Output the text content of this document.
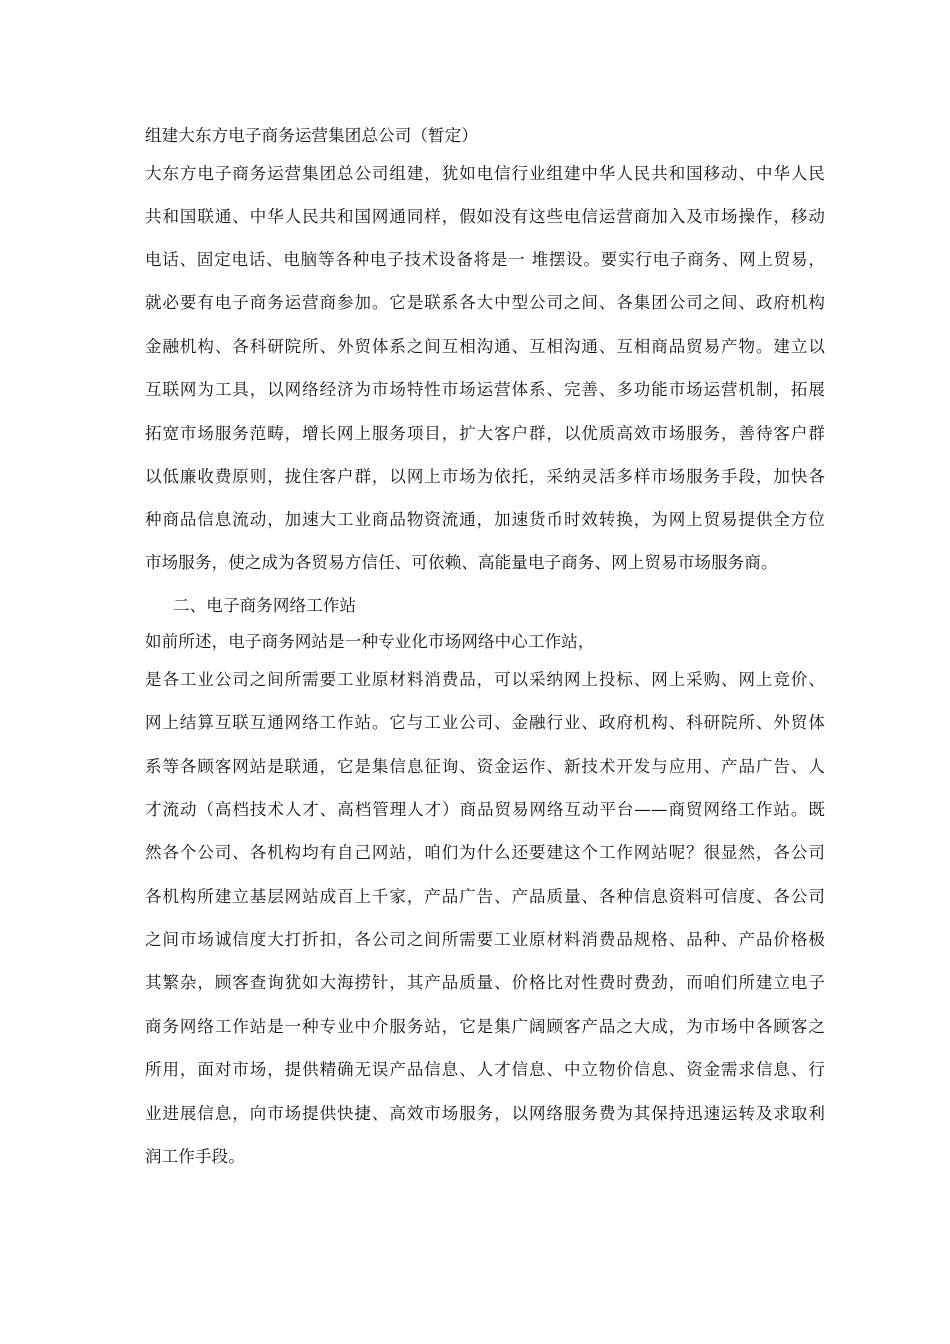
组建大东方电子商务运营集团总公司（暂定）
大东方电子商务运营集团总公司组建，犹如电信行业组建中华人民共和国移动、中华人民
共和国联通、中华人民共和国网通同样，假如没有这些电信运营商加入及市场操作，移动
电话、固定电话、电脑等各种电子技术设备将是一 堆摆设。要实行电子商务、网上贸易，
就必要有电子商务运营商参加。它是联系各大中型公司之间、各集团公司之间、政府机构
金融机构、各科研院所、外贸体系之间互相沟通、互相沟通、互相商品贸易产物。建立以
互联网为工具，以网络经济为市场特性市场运营体系、完善、多功能市场运营机制，拓展
拓宽市场服务范畴，增长网上服务项目，扩大客户群，以优质高效市场服务，善待客户群
以低廉收费原则，拢住客户群，以网上市场为依托，采纳灵活多样市场服务手段，加快各
种商品信息流动，加速大工业商品物资流通，加速货币时效转换，为网上贸易提供全方位
市场服务，使之成为各贸易方信任、可依赖、高能量电子商务、网上贸易市场服务商。
二、电子商务网络工作站
如前所述，电子商务网站是一种专业化市场网络中心工作站，
是各工业公司之间所需要工业原材料消费品，可以采纳网上投标、网上采购、网上竞价、
网上结算互联互通网络工作站。它与工业公司、金融行业、政府机构、科研院所、外贸体
系等各顾客网站是联通，它是集信息征询、资金运作、新技术开发与应用、产品广告、人
才流动（高档技术人才、高档管理人才）商品贸易网络互动平台——商贸网络工作站。既
然各个公司、各机构均有自己网站，咱们为什么还要建这个工作网站呢？很显然，各公司
各机构所建立基层网站成百上千家，产品广告、产品质量、各种信息资料可信度、各公司
之间市场诚信度大打折扣，各公司之间所需要工业原材料消费品规格、品种、产品价格极
其繁杂，顾客查询犹如大海捞针，其产品质量、价格比对性费时费劲，而咱们所建立电子
商务网络工作站是一种专业中介服务站，它是集广阔顾客产品之大成，为市场中各顾客之
所用，面对市场，提供精确无误产品信息、人才信息、中立物价信息、资金需求信息、行
业进展信息，向市场提供快捷、高效市场服务，以网络服务费为其保持迅速运转及求取利
润工作手段。
